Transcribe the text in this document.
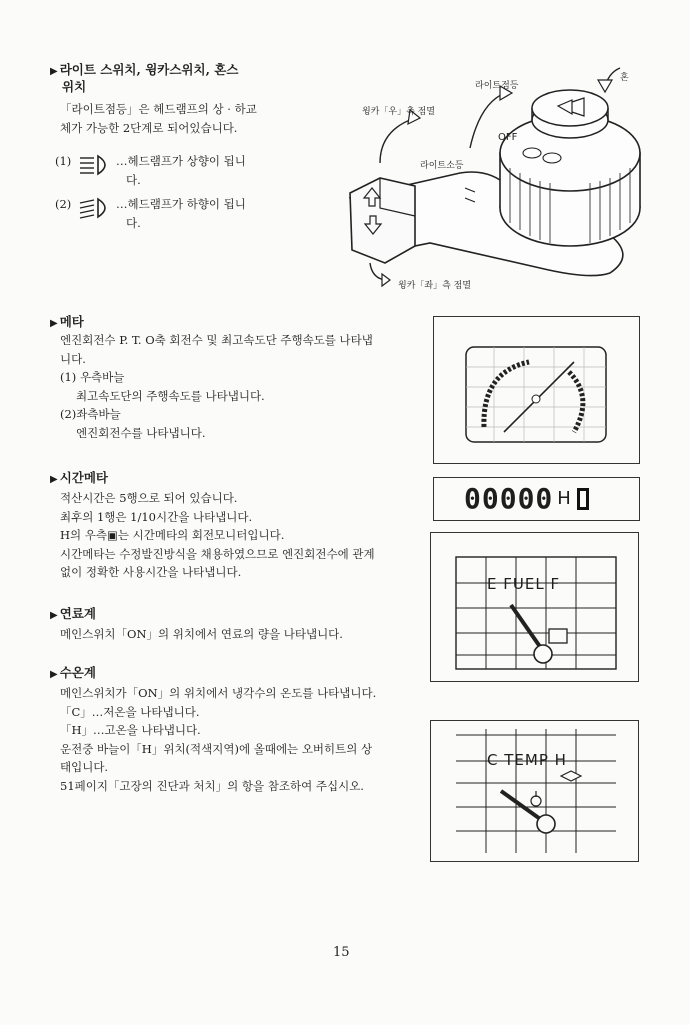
▶ 라이트 스위치, 윙카스위치, 혼스
위치
「라이트점등」은 헤드램프의 상 · 하교
체가 가능한 2단계로 되어있습니다.
(1)	…헤드램프가 상향이 됩니
다.
(2)	…헤드램프가 하향이 됩니
다.
OFF
혼
라이트점등
윙카「우」측 점멸
라이트소등
윙카「좌」측 점멸
▶ 메타
엔진회전수 P. T. O축 회전수 및 최고속도단 주행속도를 나타냅
니다.
(1) 우측바늘
최고속도단의 주행속도를 나타냅니다.
(2)좌측바늘
엔진회전수를 나타냅니다.
▶ 시간메타
적산시간은 5행으로 되어 있습니다.
최후의 1행은 1/10시간을 나타냅니다.
H의 우측▣는 시간메타의 회전모니터입니다.
시간메타는 수정발진방식을 채용하였으므로 엔진회전수에 관계
없이 정확한 사용시간을 나타냅니다.
00000 H
▶ 연료계
메인스위치「ON」의 위치에서 연료의 량을 나타냅니다.
E FUEL F
▶ 수온계
메인스위치가「ON」의 위치에서 냉각수의 온도를 나타냅니다.
「C」…저온을 나타냅니다.
「H」…고온을 나타냅니다.
운전중 바늘이「H」위치(적색지역)에 올때에는 오버히트의 상
태입니다.
51페이지「고장의 진단과 처치」의 항을 참조하여 주십시오.
C TEMP H
15
